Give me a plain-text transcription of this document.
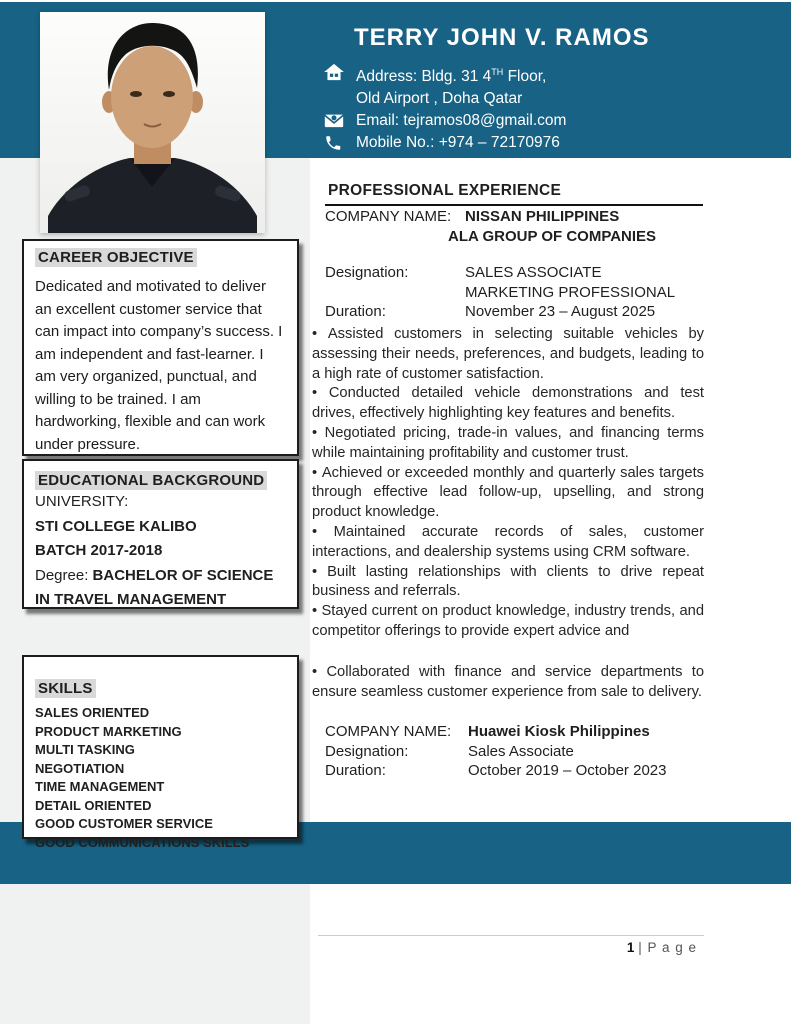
TERRY JOHN V. RAMOS
Address: Bldg. 31 4TH Floor,
Old Airport , Doha Qatar
Email: tejramos08@gmail.com
Mobile No.: +974 – 72170976
CAREER OBJECTIVE
Dedicated and motivated to deliver an excellent customer service that can impact into company’s success. I am independent and fast-learner. I am very organized, punctual, and willing to be trained. I am hardworking, flexible and can work under pressure.
EDUCATIONAL BACKGROUND
UNIVERSITY:
STI COLLEGE KALIBO
BATCH 2017-2018
Degree: BACHELOR OF SCIENCE IN TRAVEL MANAGEMENT
SKILLS
SALES ORIENTED
PRODUCT MARKETING
MULTI TASKING
NEGOTIATION
TIME MANAGEMENT
DETAIL ORIENTED
GOOD CUSTOMER SERVICE
GOOD COMMUNICATIONS SKILLS
PROFESSIONAL EXPERIENCE
COMPANY NAME: NISSAN PHILIPPINES
ALA GROUP OF COMPANIES
Designation:	SALES ASSOCIATE
MARKETING PROFESSIONAL
Duration:	November 23 – August 2025

• Assisted customers in selecting suitable vehicles by assessing their needs, preferences, and budgets, leading to a high rate of customer satisfaction.

• Conducted detailed vehicle demonstrations and test drives, effectively highlighting key features and benefits.

• Negotiated pricing, trade-in values, and financing terms while maintaining profitability and customer trust.

• Achieved or exceeded monthly and quarterly sales targets through effective lead follow-up, upselling, and strong product knowledge.

• Maintained accurate records of sales, customer interactions, and dealership systems using CRM software.

• Built lasting relationships with clients to drive repeat business and referrals.

• Stayed current on product knowledge, industry trends, and competitor offerings to provide expert advice and

• Collaborated with finance and service departments to ensure seamless customer experience from sale to delivery.

COMPANY NAME:	Huawei Kiosk Philippines
Designation:	Sales Associate
Duration:	October 2019 – October 2023
1 | P a g e
